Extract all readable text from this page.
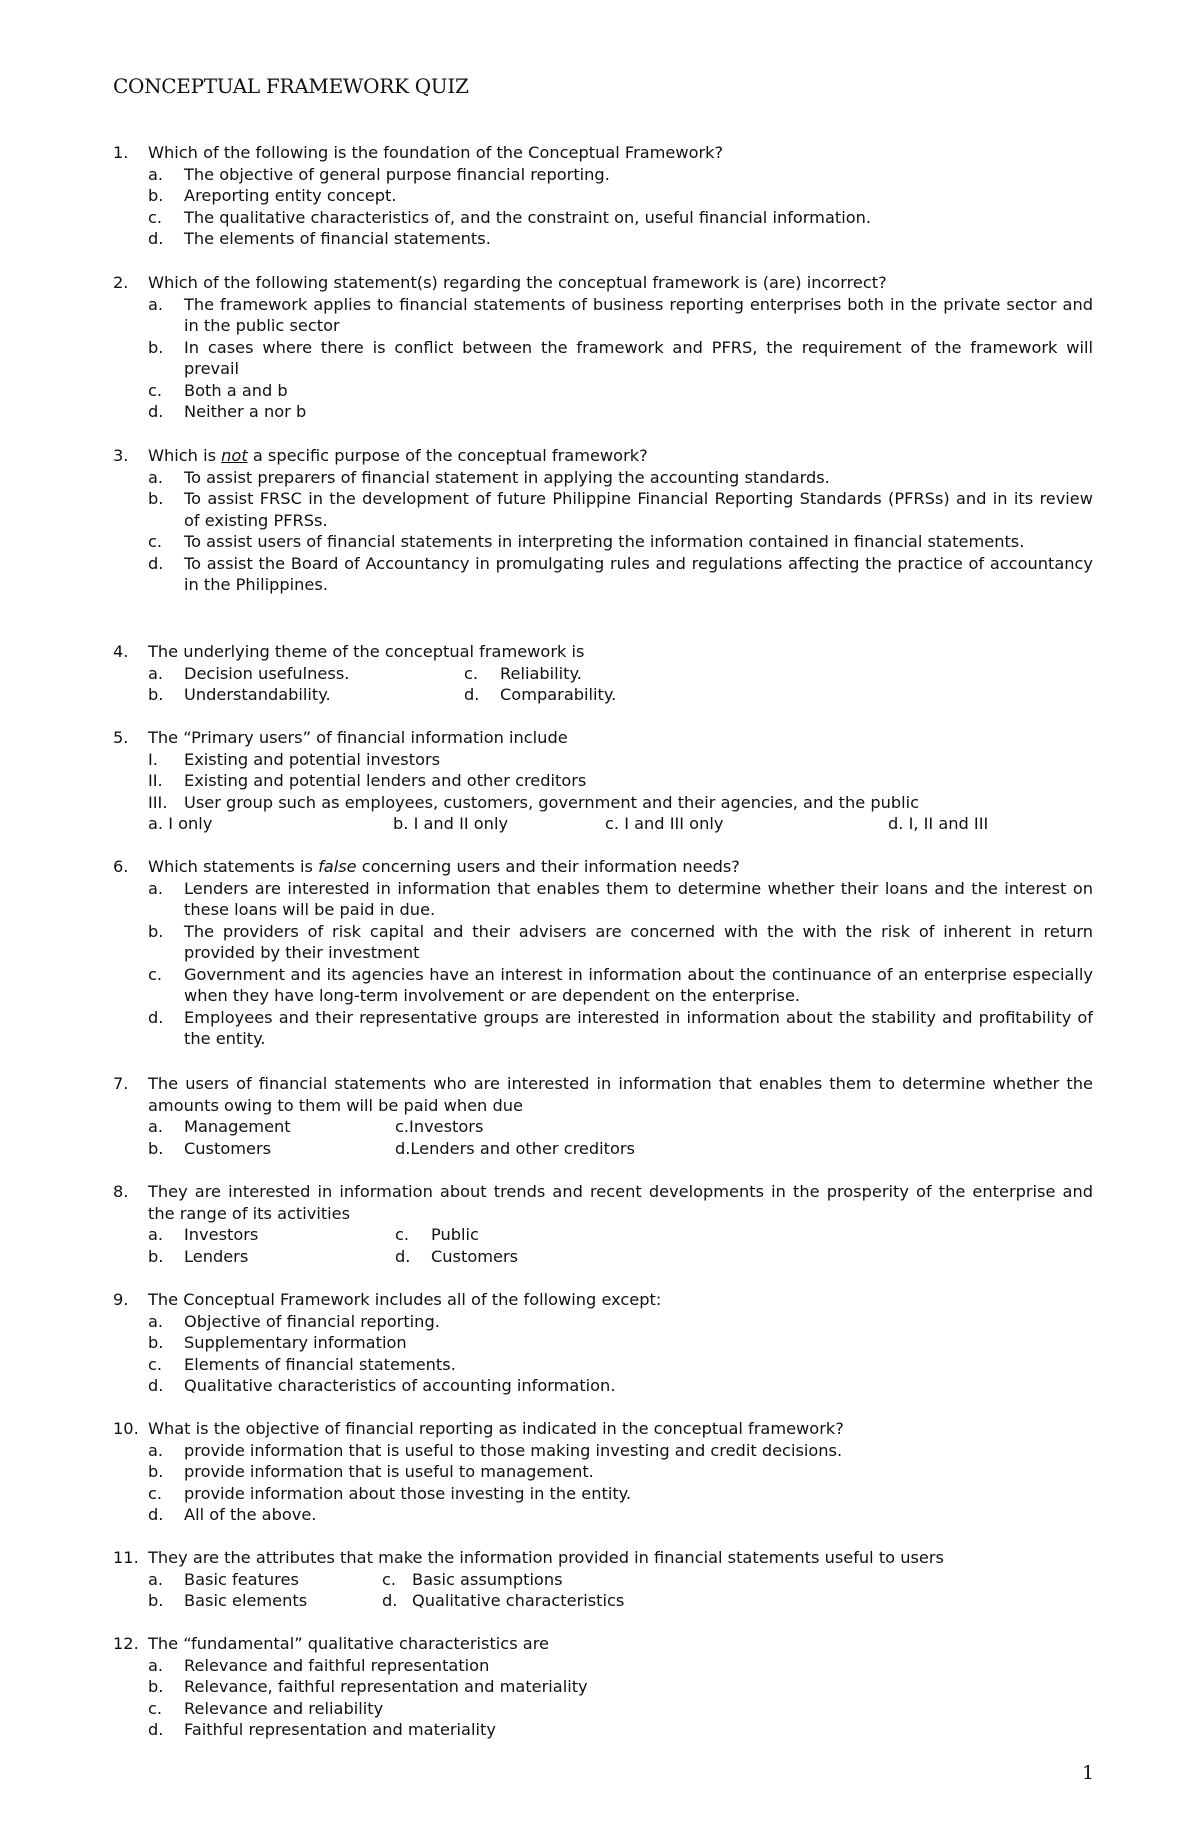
CONCEPTUAL FRAMEWORK QUIZ
1.	Which of the following is the foundation of the Conceptual Framework?
a.	The objective of general purpose financial reporting.
b.	Areporting entity concept.
c.	The qualitative characteristics of, and the constraint on, useful financial information.
d.	The elements of financial statements.
2.	Which of the following statement(s) regarding the conceptual framework is (are) incorrect?
a.	The framework applies to financial statements of business reporting enterprises both in the private sector and in the public sector
b.	In cases where there is conflict between the framework and PFRS, the requirement of the framework will prevail
c.	Both a and b
d.	Neither a nor b
3.	Which is not a specific purpose of the conceptual framework?
a.	To assist preparers of financial statement in applying the accounting standards.
b.	To assist FRSC in the development of future Philippine Financial Reporting Standards (PFRSs) and in its review of existing PFRSs.
c.	To assist users of financial statements in interpreting the information contained in financial statements.
d.	To assist the Board of Accountancy in promulgating rules and regulations affecting the practice of accountancy in the Philippines.
4.	The underlying theme of the conceptual framework is
a.	Decision usefulness.	c.	Reliability.
b.	Understandability.	d.	Comparability.
5.	The “Primary users” of financial information include
I.	Existing and potential investors
II.	Existing and potential lenders and other creditors
III.	User group such as employees, customers, government and their agencies, and the public
a. I only	b. I and II only	c. I and III only	d. I, II and III
6.	Which statements is false concerning users and their information needs?
a.	Lenders are interested in information that enables them to determine whether their loans and the interest on these loans will be paid in due.
b.	The providers of risk capital and their advisers are concerned with the with the risk of inherent in return provided by their investment
c.	Government and its agencies have an interest in information about the continuance of an enterprise especially when they have long-term involvement or are dependent on the enterprise.
d.	Employees and their representative groups are interested in information about the stability and profitability of the entity.
7.	The users of financial statements who are interested in information that enables them to determine whether the amounts owing to them will be paid when due
a.	Management	c.Investors
b.	Customers	d.Lenders and other creditors
8.	They are interested in information about trends and recent developments in the prosperity of the enterprise and the range of its activities
a.	Investors	c.	Public
b.	Lenders	d.	Customers
9.	The Conceptual Framework includes all of the following except:
a.	Objective of financial reporting.
b.	Supplementary information
c.	Elements of financial statements.
d.	Qualitative characteristics of accounting information.
10. What is the objective of financial reporting as indicated in the conceptual framework?
a.	provide information that is useful to those making investing and credit decisions.
b.	provide information that is useful to management.
c.	provide information about those investing in the entity.
d.	All of the above.
11. They are the attributes that make the information provided in financial statements useful to users
a.	Basic features	c. Basic assumptions
b.	Basic elements	d. Qualitative characteristics
12. The “fundamental” qualitative characteristics are
a.	Relevance and faithful representation
b.	Relevance, faithful representation and materiality
c.	Relevance and reliability
d.	Faithful representation and materiality
1
